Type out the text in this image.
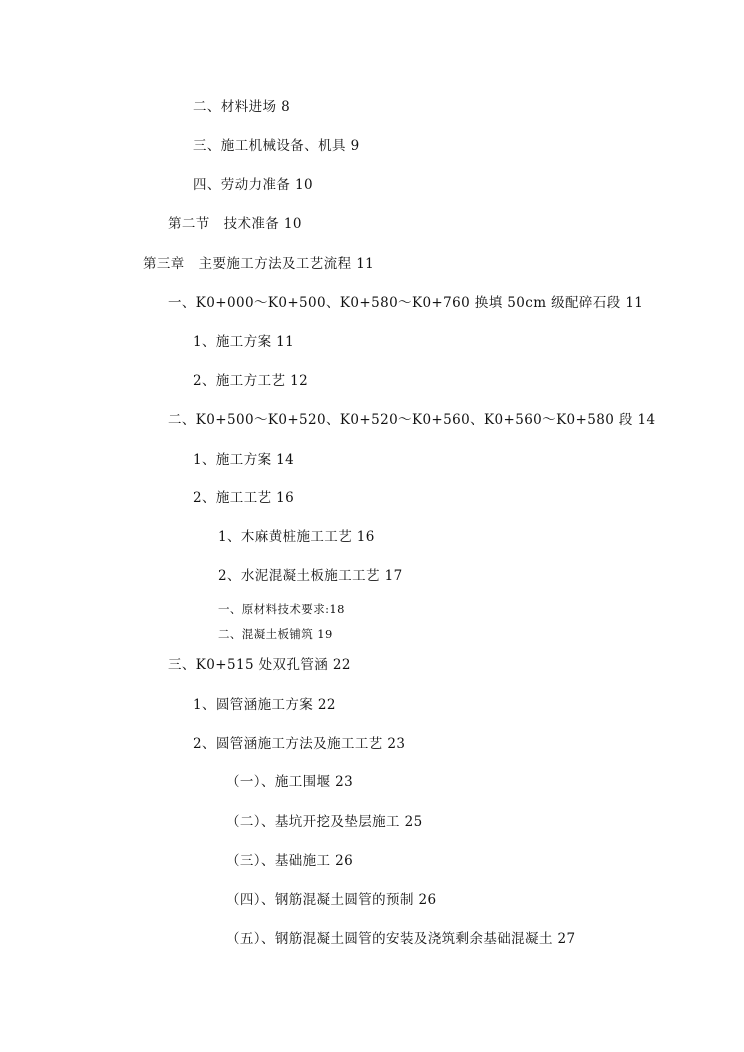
二、材料进场 8
三、施工机械设备、机具 9
四、劳动力准备 10
第二节　技术准备 10
第三章　主要施工方法及工艺流程 11
一、K0+000～K0+500、K0+580～K0+760 换填 50cm 级配碎石段 11
1、施工方案 11
2、施工方工艺 12
二、K0+500～K0+520、K0+520～K0+560、K0+560～K0+580 段 14
1、施工方案 14
2、施工工艺 16
1、木麻黄桩施工工艺 16
2、水泥混凝土板施工工艺 17
一、原材料技术要求:18
二、混凝土板铺筑 19
三、K0+515 处双孔管涵 22
1、圆管涵施工方案 22
2、圆管涵施工方法及施工工艺 23
（一）、施工围堰 23
（二）、基坑开挖及垫层施工 25
（三）、基础施工 26
（四）、钢筋混凝土圆管的预制 26
（五）、钢筋混凝土圆管的安装及浇筑剩余基础混凝土 27
